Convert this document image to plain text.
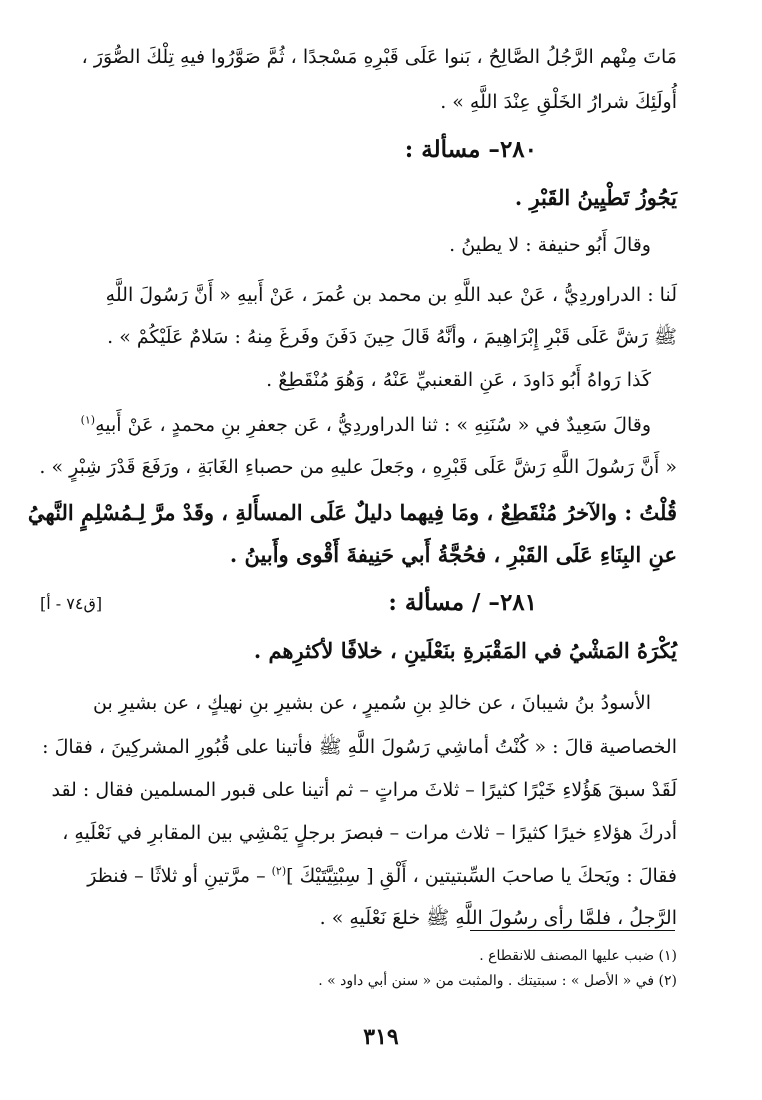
مَاتَ مِنْهم الرَّجُلُ الصَّالِحُ ، بَنوا عَلَى قَبْرِهِ مَسْجدًا ، ثُمَّ صَوَّرُوا فيهِ تِلْكَ الصُّوَرَ ،
أُولَئِكَ شرارُ الخَلْقِ عِنْدَ اللَّهِ » .
٢٨٠– مسألة :
يَجُوزُ تَطْيِينُ القَبْرِ .
وقالَ أَبُو حنيفة : لا يطينُ .
لَنا : الدراوردِيُّ ، عَنْ عبد اللَّهِ بن محمد بن عُمرَ ، عَنْ أَبيهِ « أَنَّ رَسُولَ اللَّهِ
ﷺ رَشَّ عَلَى قَبْرِ إِبْرَاهِيمَ ، وأنَّهُ قَالَ حِينَ دَفَنَ وفَرغَ مِنهُ : سَلامٌ عَلَيْكُمْ » .
كَذا رَواهُ أَبُو دَاودَ ، عَنِ القعنبيِّ عَنْهُ ، وَهُوَ مُنْقَطِعٌ .
وقالَ سَعِيدٌ في « سُنَنِهِ » : ثنا الدراوردِيُّ ، عَن جعفرِ بنِ محمدٍ ، عَنْ أَبيهِ$^{(١)}$
« أَنَّ رَسُولَ اللَّهِ رَشَّ عَلَى قَبْرِهِ ، وجَعلَ عليهِ من حصباءِ الغَابَةِ ، ورَفَعَ قَدْرَ شِبْرٍ » .
قُلْتُ : والآخرُ مُنْقَطِعٌ ، ومَا فِيهما دليلٌ عَلَى المسأَلةِ ، وقَدْ مرَّ لِـمُسْلِمٍ النَّهيُ
عنِ البِنَاءِ عَلَى القَبْرِ ، فحُجَّةُ أَبي حَنِيفةَ أَقْوى وأَبينُ .
٢٨١– / مسألة :
[ق٧٤ - أ]
يُكْرَهُ المَشْيُ في المَقْبَرةِ بنَعْلَينِ ، خلافًا لأكثرِهم .
الأسودُ بنُ شيبانَ ، عن خالدِ بنِ سُميرٍ ، عن بشيرِ بنِ نهيكٍ ، عن بشيرِ بن
الخصاصية قالَ : « كُنْتُ أماشِي رَسُولَ اللَّهِ ﷺ فأتينا على قُبُورِ المشركِينَ ، فقالَ :
لَقَدْ سبقَ هَؤُلاءِ خَيْرًا كثيرًا – ثلاثَ مراتٍ – ثم أتينا على قبور المسلمين فقال : لقد
أدركَ هؤلاءِ خيرًا كثيرًا – ثلاث مرات – فبصرَ برجلٍ يَمْشِي بين المقابرِ في نَعْلَيهِ ،
فقالَ : ويَحكَ يا صاحبَ السِّبتيتين ، أَلْقِ [ سِبْتِيَّتَيْكَ ]$^{(٢)}$ – مرَّتينِ أو ثلاثًا – فنظرَ
الرَّجلُ ، فلمَّا رأى رسُولَ اللَّهِ ﷺ خلعَ نَعْلَيهِ » .
(١) ضبب عليها المصنف للانقطاع .
(٢) في « الأصل » : سبتيتك . والمثبت من « سنن أبي داود » .
٣١٩
